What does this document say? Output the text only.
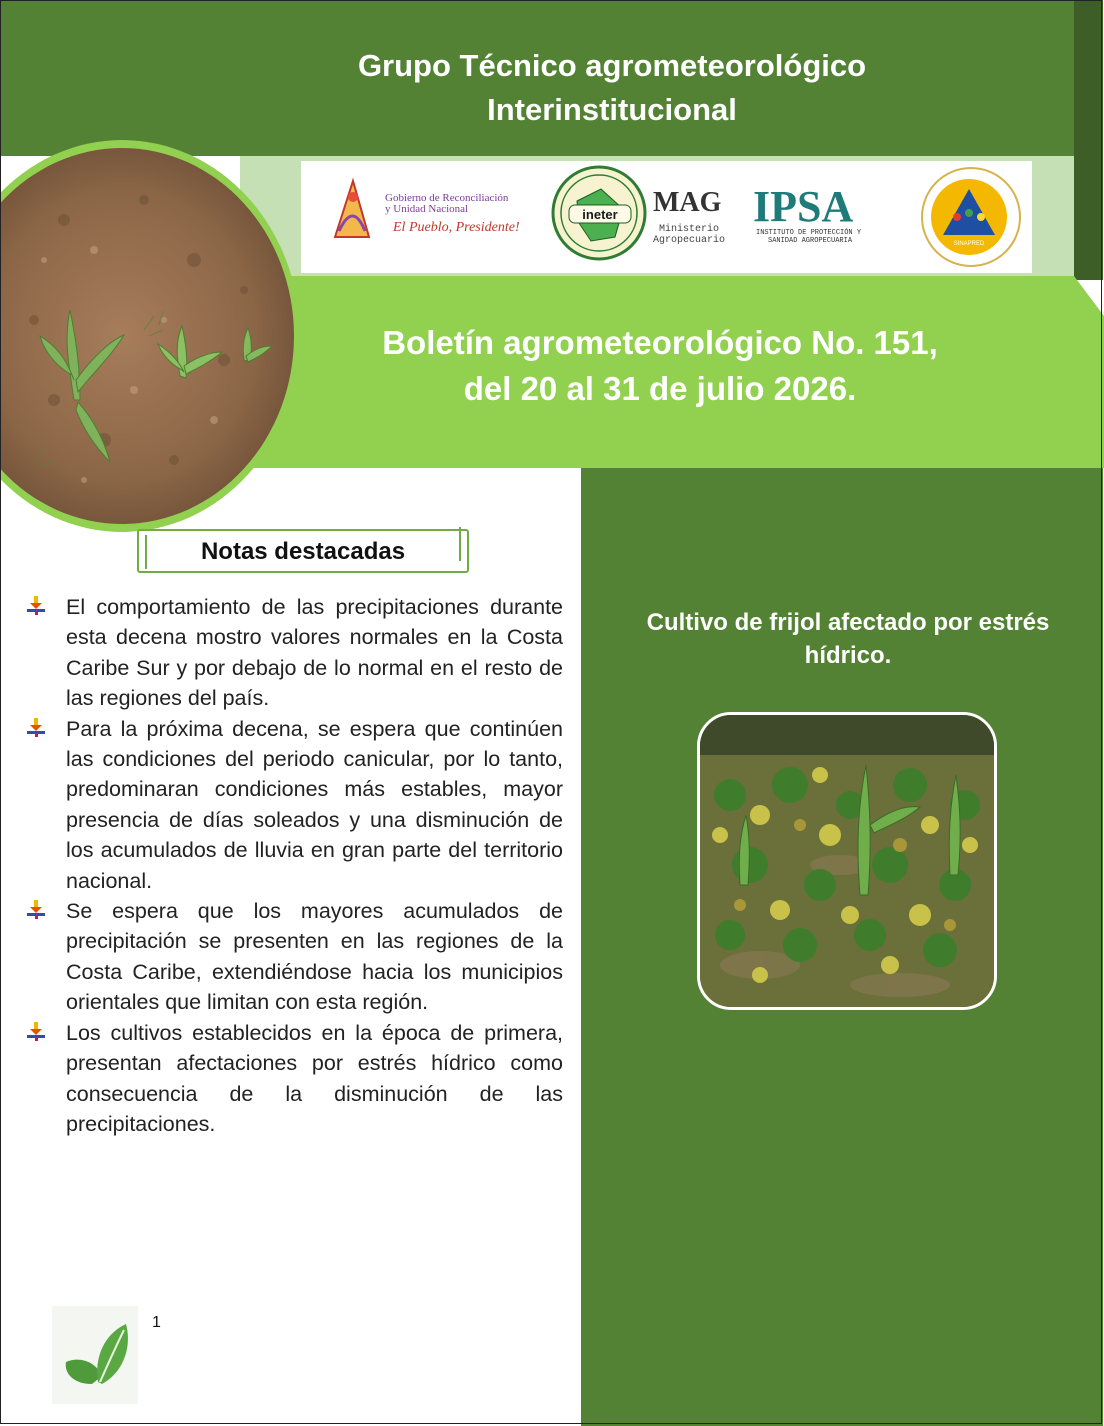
Grupo Técnico agrometeorológico
Interinstitucional
Gobierno de Reconciliación
y Unidad Nacional
El Pueblo, Presidente!
ineter MAG
Ministerio
Agropecuario
IPSA
INSTITUTO DE PROTECCIÓN Y
SANIDAD AGROPECUARIA	SINAPRED
Boletín agrometeorológico No. 151,
del 20 al 31 de julio 2026.
Notas destacadas
El comportamiento de las precipitaciones durante esta decena mostro valores normales en la Costa Caribe Sur y por debajo de lo normal en el resto de las regiones del país.
Para la próxima decena, se espera que continúen las condiciones del periodo canicular, por lo tanto, predominaran condiciones más estables, mayor presencia de días soleados y una disminución de los acumulados de lluvia en gran parte del territorio nacional.
Se espera que los mayores acumulados de precipitación se presenten en las regiones de la Costa Caribe, extendiéndose hacia los municipios orientales que limitan con esta región.
Los cultivos establecidos en la época de primera, presentan afectaciones por estrés hídrico como consecuencia de la disminución de las precipitaciones.

Cultivo de frijol afectado por estrés hídrico.

1
